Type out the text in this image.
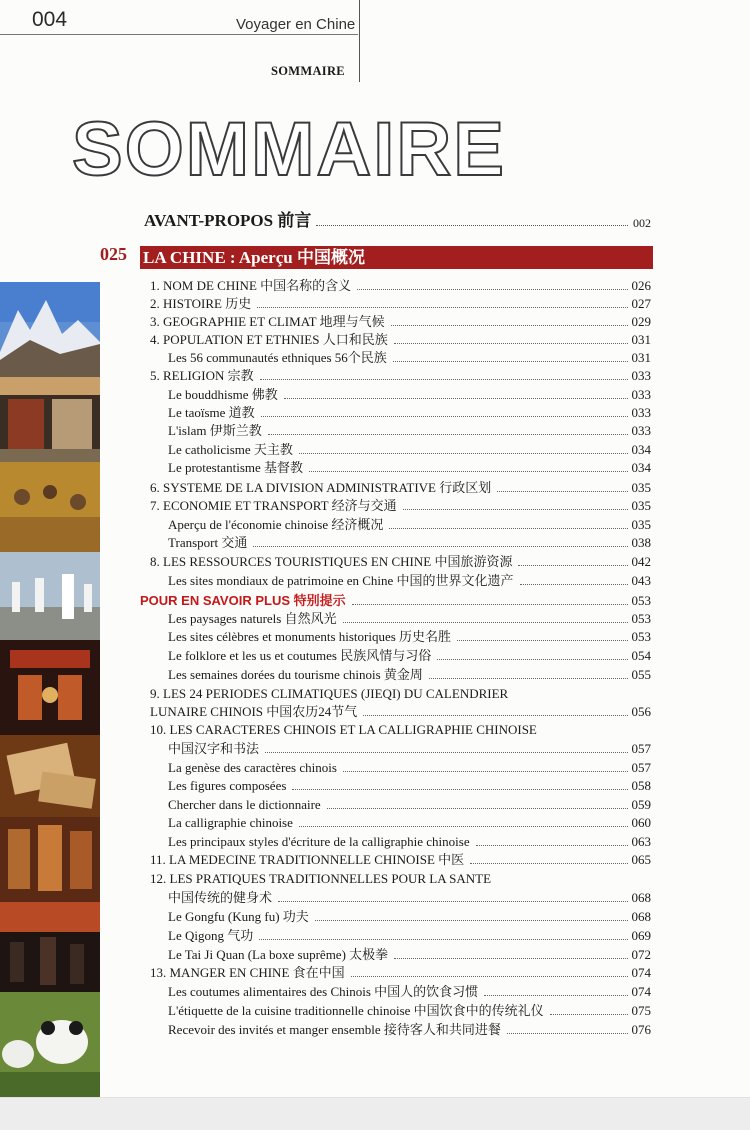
004	Voyager en Chine
SOMMAIRE
SOMMAIRE
AVANT-PROPOS 前言	002
025 LA CHINE : Aperçu 中国概况
1. NOM DE CHINE 中国名称的含义	026
2. HISTOIRE 历史	027
3. GEOGRAPHIE ET CLIMAT 地理与气候	029
4. POPULATION ET ETHNIES 人口和民族	031
Les 56 communautés ethniques 56个民族	031
5. RELIGION 宗教	033
Le bouddhisme 佛教	033
Le taoïsme 道教	033
L'islam 伊斯兰教	033
Le catholicisme 天主教	034
Le protestantisme 基督教	034
6. SYSTEME DE LA DIVISION ADMINISTRATIVE 行政区划	035
7. ECONOMIE ET TRANSPORT 经济与交通	035
Aperçu de l'économie chinoise 经济概况	035
Transport 交通	038
8. LES RESSOURCES TOURISTIQUES EN CHINE 中国旅游资源	042
Les sites mondiaux de patrimoine en Chine 中国的世界文化遗产	043
POUR EN SAVOIR PLUS 特别提示	053
Les paysages naturels 自然风光	053
Les sites célèbres et monuments historiques 历史名胜	053
Le folklore et les us et coutumes 民族风情与习俗	054
Les semaines dorées du tourisme chinois 黄金周	055
9. LES 24 PERIODES CLIMATIQUES (JIEQI) DU CALENDRIER
LUNAIRE CHINOIS 中国农历24节气	056
10. LES CARACTERES CHINOIS ET LA CALLIGRAPHIE CHINOISE
中国汉字和书法	057
La genèse des caractères chinois	057
Les figures composées	058
Chercher dans le dictionnaire	059
La calligraphie chinoise	060
Les principaux styles d'écriture de la calligraphie chinoise	063
11. LA MEDECINE TRADITIONNELLE CHINOISE 中医	065
12. LES PRATIQUES TRADITIONNELLES POUR LA SANTE
中国传统的健身术	068
Le Gongfu (Kung fu) 功夫	068
Le Qigong 气功	069
Le Tai Ji Quan (La boxe suprême) 太极拳	072
13. MANGER EN CHINE 食在中国	074
Les coutumes alimentaires des Chinois 中国人的饮食习惯	074
L'étiquette de la cuisine traditionnelle chinoise 中国饮食中的传统礼仪	075
Recevoir des invités et manger ensemble 接待客人和共同进餐	076
